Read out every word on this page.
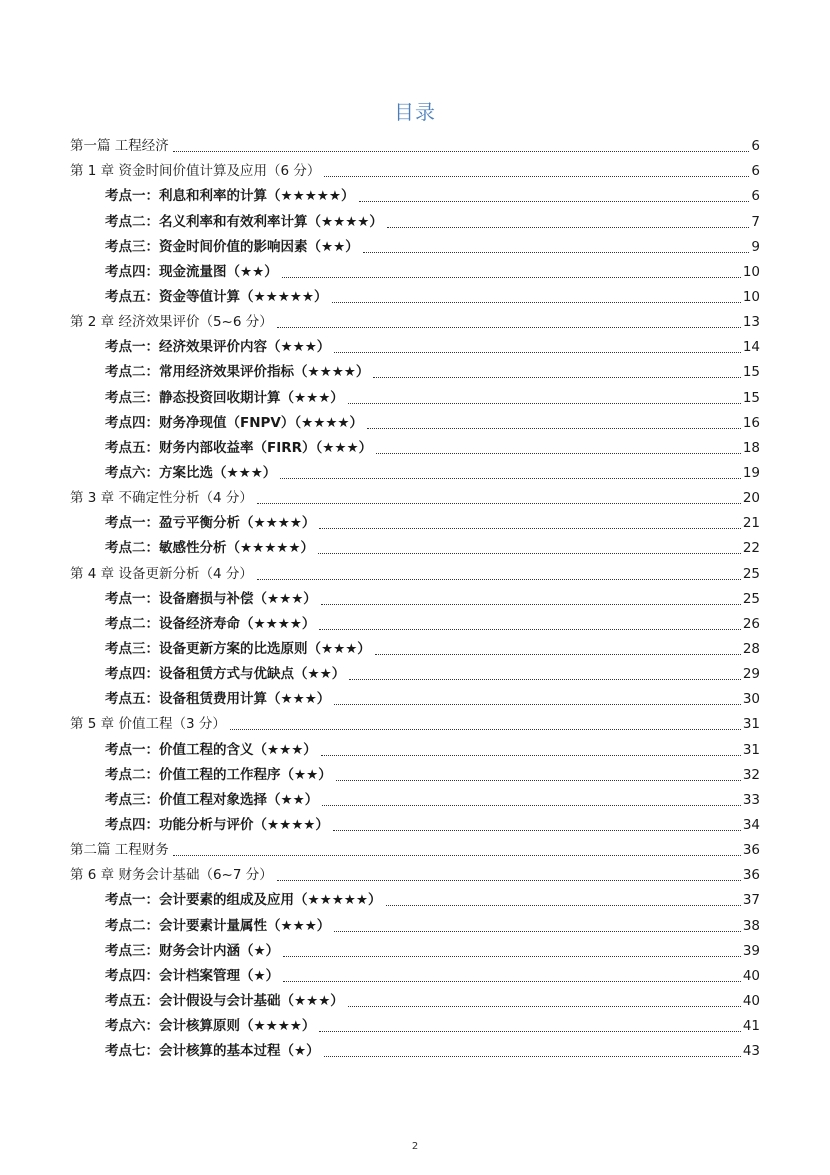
目录
第一篇 工程经济	6
第 1 章 资金时间价值计算及应用（6 分）	6
考点一：利息和利率的计算（★★★★★）	6
考点二：名义利率和有效利率计算（★★★★）	7
考点三：资金时间价值的影响因素（★★）	9
考点四：现金流量图（★★）	10
考点五：资金等值计算（★★★★★）	10
第 2 章 经济效果评价（5~6 分）	13
考点一：经济效果评价内容（★★★）	14
考点二：常用经济效果评价指标（★★★★）	15
考点三：静态投资回收期计算（★★★）	15
考点四：财务净现值（FNPV）（★★★★）	16
考点五：财务内部收益率（FIRR）（★★★）	18
考点六：方案比选（★★★）	19
第 3 章 不确定性分析（4 分）	20
考点一：盈亏平衡分析（★★★★）	21
考点二：敏感性分析（★★★★★）	22
第 4 章 设备更新分析（4 分）	25
考点一：设备磨损与补偿（★★★）	25
考点二：设备经济寿命（★★★★）	26
考点三：设备更新方案的比选原则（★★★）	28
考点四：设备租赁方式与优缺点（★★）	29
考点五：设备租赁费用计算（★★★）	30
第 5 章 价值工程（3 分）	31
考点一：价值工程的含义（★★★）	31
考点二：价值工程的工作程序（★★）	32
考点三：价值工程对象选择（★★）	33
考点四：功能分析与评价（★★★★）	34
第二篇 工程财务	36
第 6 章 财务会计基础（6~7 分）	36
考点一：会计要素的组成及应用（★★★★★）	37
考点二：会计要素计量属性（★★★）	38
考点三：财务会计内涵（★）	39
考点四：会计档案管理（★）	40
考点五：会计假设与会计基础（★★★）	40
考点六：会计核算原则（★★★★）	41
考点七：会计核算的基本过程（★）	43
2
